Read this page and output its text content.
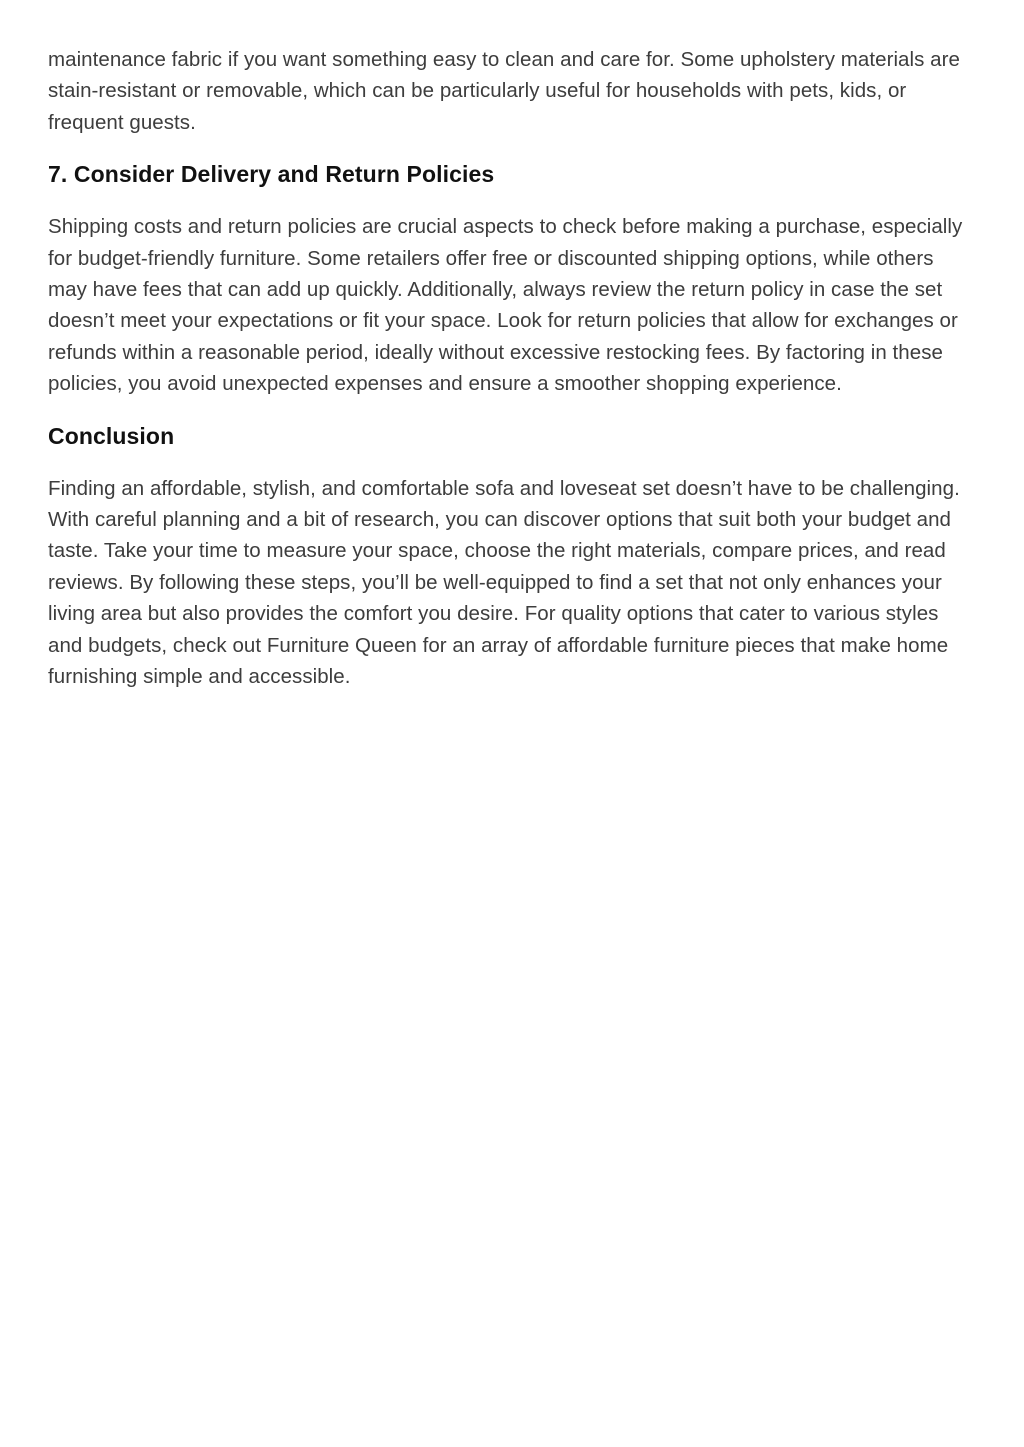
maintenance fabric if you want something easy to clean and care for. Some upholstery materials are stain-resistant or removable, which can be particularly useful for households with pets, kids, or frequent guests.

7. Consider Delivery and Return Policies

Shipping costs and return policies are crucial aspects to check before making a purchase, especially for budget-friendly furniture. Some retailers offer free or discounted shipping options, while others may have fees that can add up quickly. Additionally, always review the return policy in case the set doesn’t meet your expectations or fit your space. Look for return policies that allow for exchanges or refunds within a reasonable period, ideally without excessive restocking fees. By factoring in these policies, you avoid unexpected expenses and ensure a smoother shopping experience.

Conclusion

Finding an affordable, stylish, and comfortable sofa and loveseat set doesn’t have to be challenging. With careful planning and a bit of research, you can discover options that suit both your budget and taste. Take your time to measure your space, choose the right materials, compare prices, and read reviews. By following these steps, you’ll be well-equipped to find a set that not only enhances your living area but also provides the comfort you desire. For quality options that cater to various styles and budgets, check out Furniture Queen for an array of affordable furniture pieces that make home furnishing simple and accessible.
